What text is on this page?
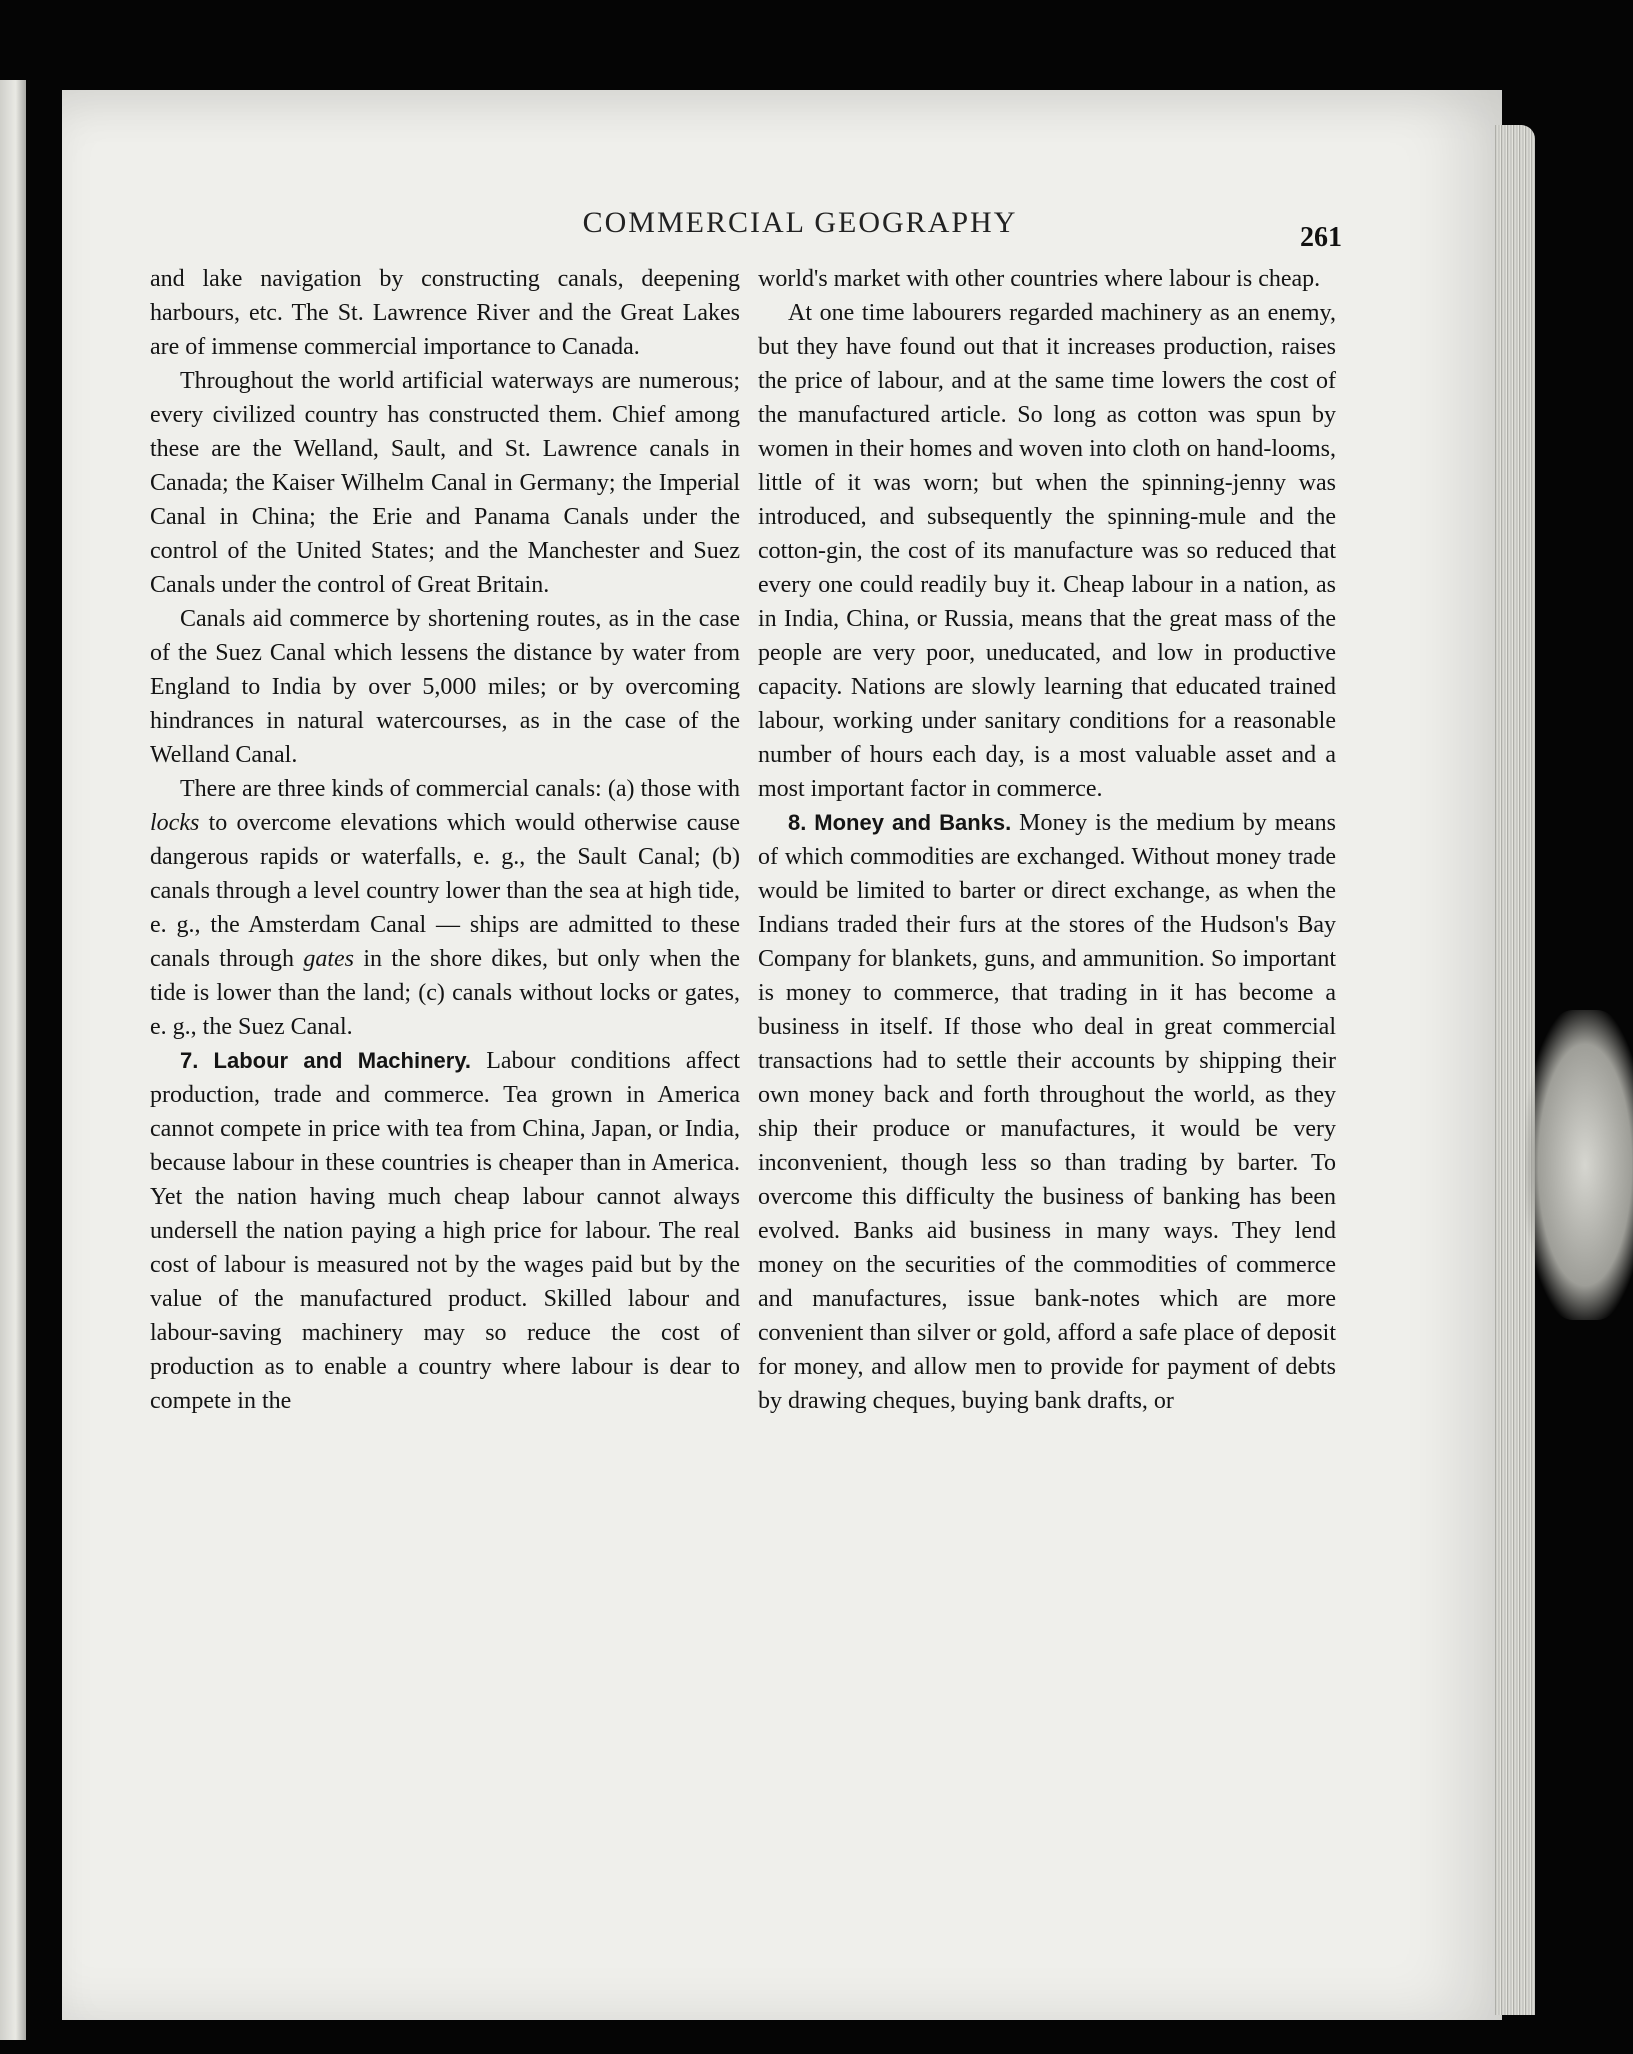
COMMERCIAL GEOGRAPHY	261

and lake navigation by constructing canals, deepening harbours, etc. The St. Lawrence River and the Great Lakes are of immense commercial importance to Canada.

Throughout the world artificial waterways are numerous; every civilized country has constructed them. Chief among these are the Welland, Sault, and St. Lawrence canals in Canada; the Kaiser Wilhelm Canal in Germany; the Imperial Canal in China; the Erie and Panama Canals under the control of the United States; and the Manchester and Suez Canals under the control of Great Britain.

Canals aid commerce by shortening routes, as in the case of the Suez Canal which lessens the distance by water from England to India by over 5,000 miles; or by overcoming hindrances in natural watercourses, as in the case of the Welland Canal.

There are three kinds of commercial canals: (a) those with locks to overcome elevations which would otherwise cause dangerous rapids or waterfalls, e. g., the Sault Canal; (b) canals through a level country lower than the sea at high tide, e. g., the Amsterdam Canal — ships are admitted to these canals through gates in the shore dikes, but only when the tide is lower than the land; (c) canals without locks or gates, e. g., the Suez Canal.

7. Labour and Machinery. Labour conditions affect production, trade and commerce. Tea grown in America cannot compete in price with tea from China, Japan, or India, because labour in these countries is cheaper than in America. Yet the nation having much cheap labour cannot always undersell the nation paying a high price for labour. The real cost of labour is measured not by the wages paid but by the value of the manufactured product. Skilled labour and labour-saving machinery may so reduce the cost of production as to enable a country where labour is dear to compete in the

world's market with other countries where labour is cheap.

At one time labourers regarded machinery as an enemy, but they have found out that it increases production, raises the price of labour, and at the same time lowers the cost of the manufactured article. So long as cotton was spun by women in their homes and woven into cloth on hand-looms, little of it was worn; but when the spinning-jenny was introduced, and subsequently the spinning-mule and the cotton-gin, the cost of its manufacture was so reduced that every one could readily buy it. Cheap labour in a nation, as in India, China, or Russia, means that the great mass of the people are very poor, uneducated, and low in productive capacity. Nations are slowly learning that educated trained labour, working under sanitary conditions for a reasonable number of hours each day, is a most valuable asset and a most important factor in commerce.

8. Money and Banks. Money is the medium by means of which commodities are exchanged. Without money trade would be limited to barter or direct exchange, as when the Indians traded their furs at the stores of the Hudson's Bay Company for blankets, guns, and ammunition. So important is money to commerce, that trading in it has become a business in itself. If those who deal in great commercial transactions had to settle their accounts by shipping their own money back and forth throughout the world, as they ship their produce or manufactures, it would be very inconvenient, though less so than trading by barter. To overcome this difficulty the business of banking has been evolved. Banks aid business in many ways. They lend money on the securities of the commodities of commerce and manufactures, issue bank-notes which are more convenient than silver or gold, afford a safe place of deposit for money, and allow men to provide for payment of debts by drawing cheques, buying bank drafts, or
